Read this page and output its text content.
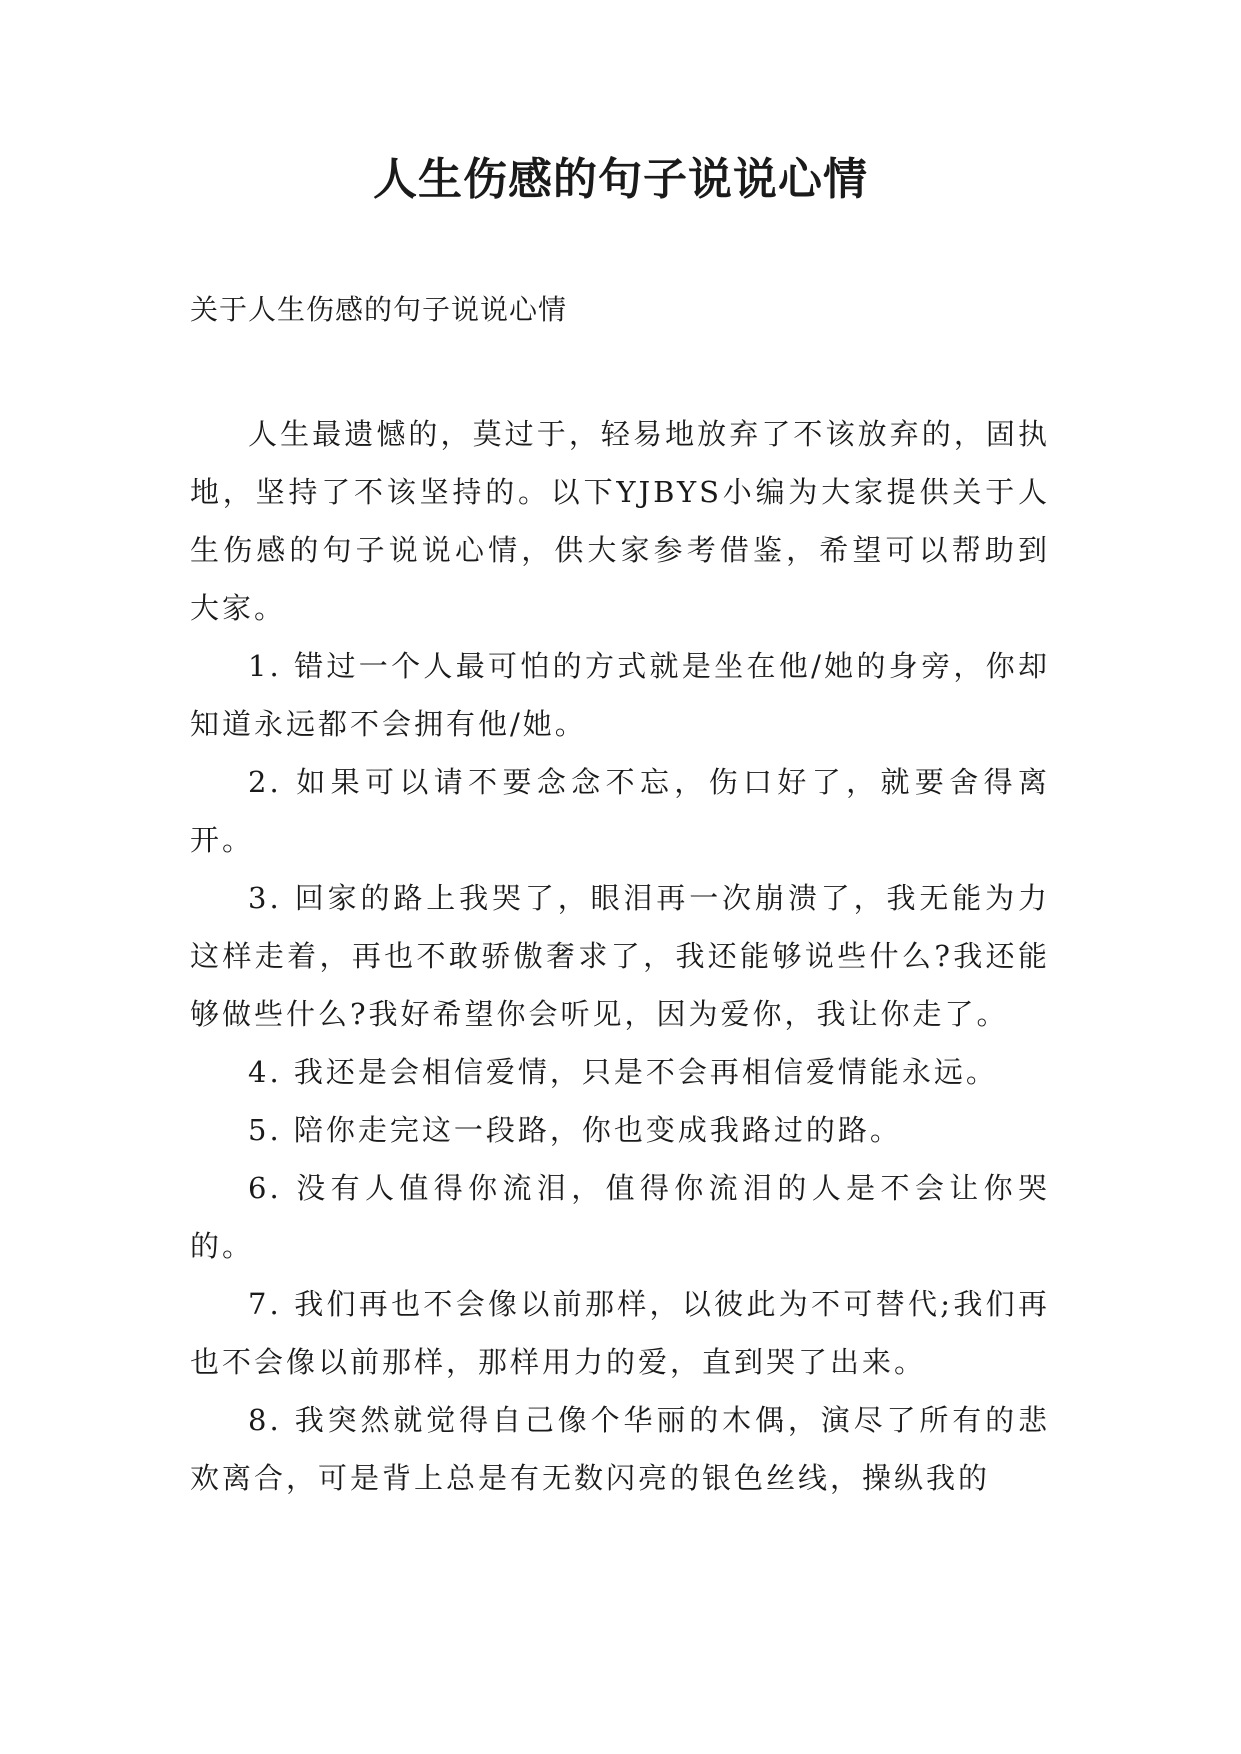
人生伤感的句子说说心情

关于人生伤感的句子说说心情

人生最遗憾的，莫过于，轻易地放弃了不该放弃的，固执地，坚持了不该坚持的。以下YJBYS小编为大家提供关于人生伤感的句子说说心情，供大家参考借鉴，希望可以帮助到大家。

1. 错过一个人最可怕的方式就是坐在他/她的身旁，你却知道永远都不会拥有他/她。

2. 如果可以请不要念念不忘，伤口好了，就要舍得离开。

3. 回家的路上我哭了，眼泪再一次崩溃了，我无能为力这样走着，再也不敢骄傲奢求了，我还能够说些什么?我还能够做些什么?我好希望你会听见，因为爱你，我让你走了。

4. 我还是会相信爱情，只是不会再相信爱情能永远。

5. 陪你走完这一段路，你也变成我路过的路。

6. 没有人值得你流泪，值得你流泪的人是不会让你哭的。

7. 我们再也不会像以前那样，以彼此为不可替代;我们再也不会像以前那样，那样用力的爱，直到哭了出来。

8. 我突然就觉得自己像个华丽的木偶，演尽了所有的悲欢离合，可是背上总是有无数闪亮的银色丝线，操纵我的
